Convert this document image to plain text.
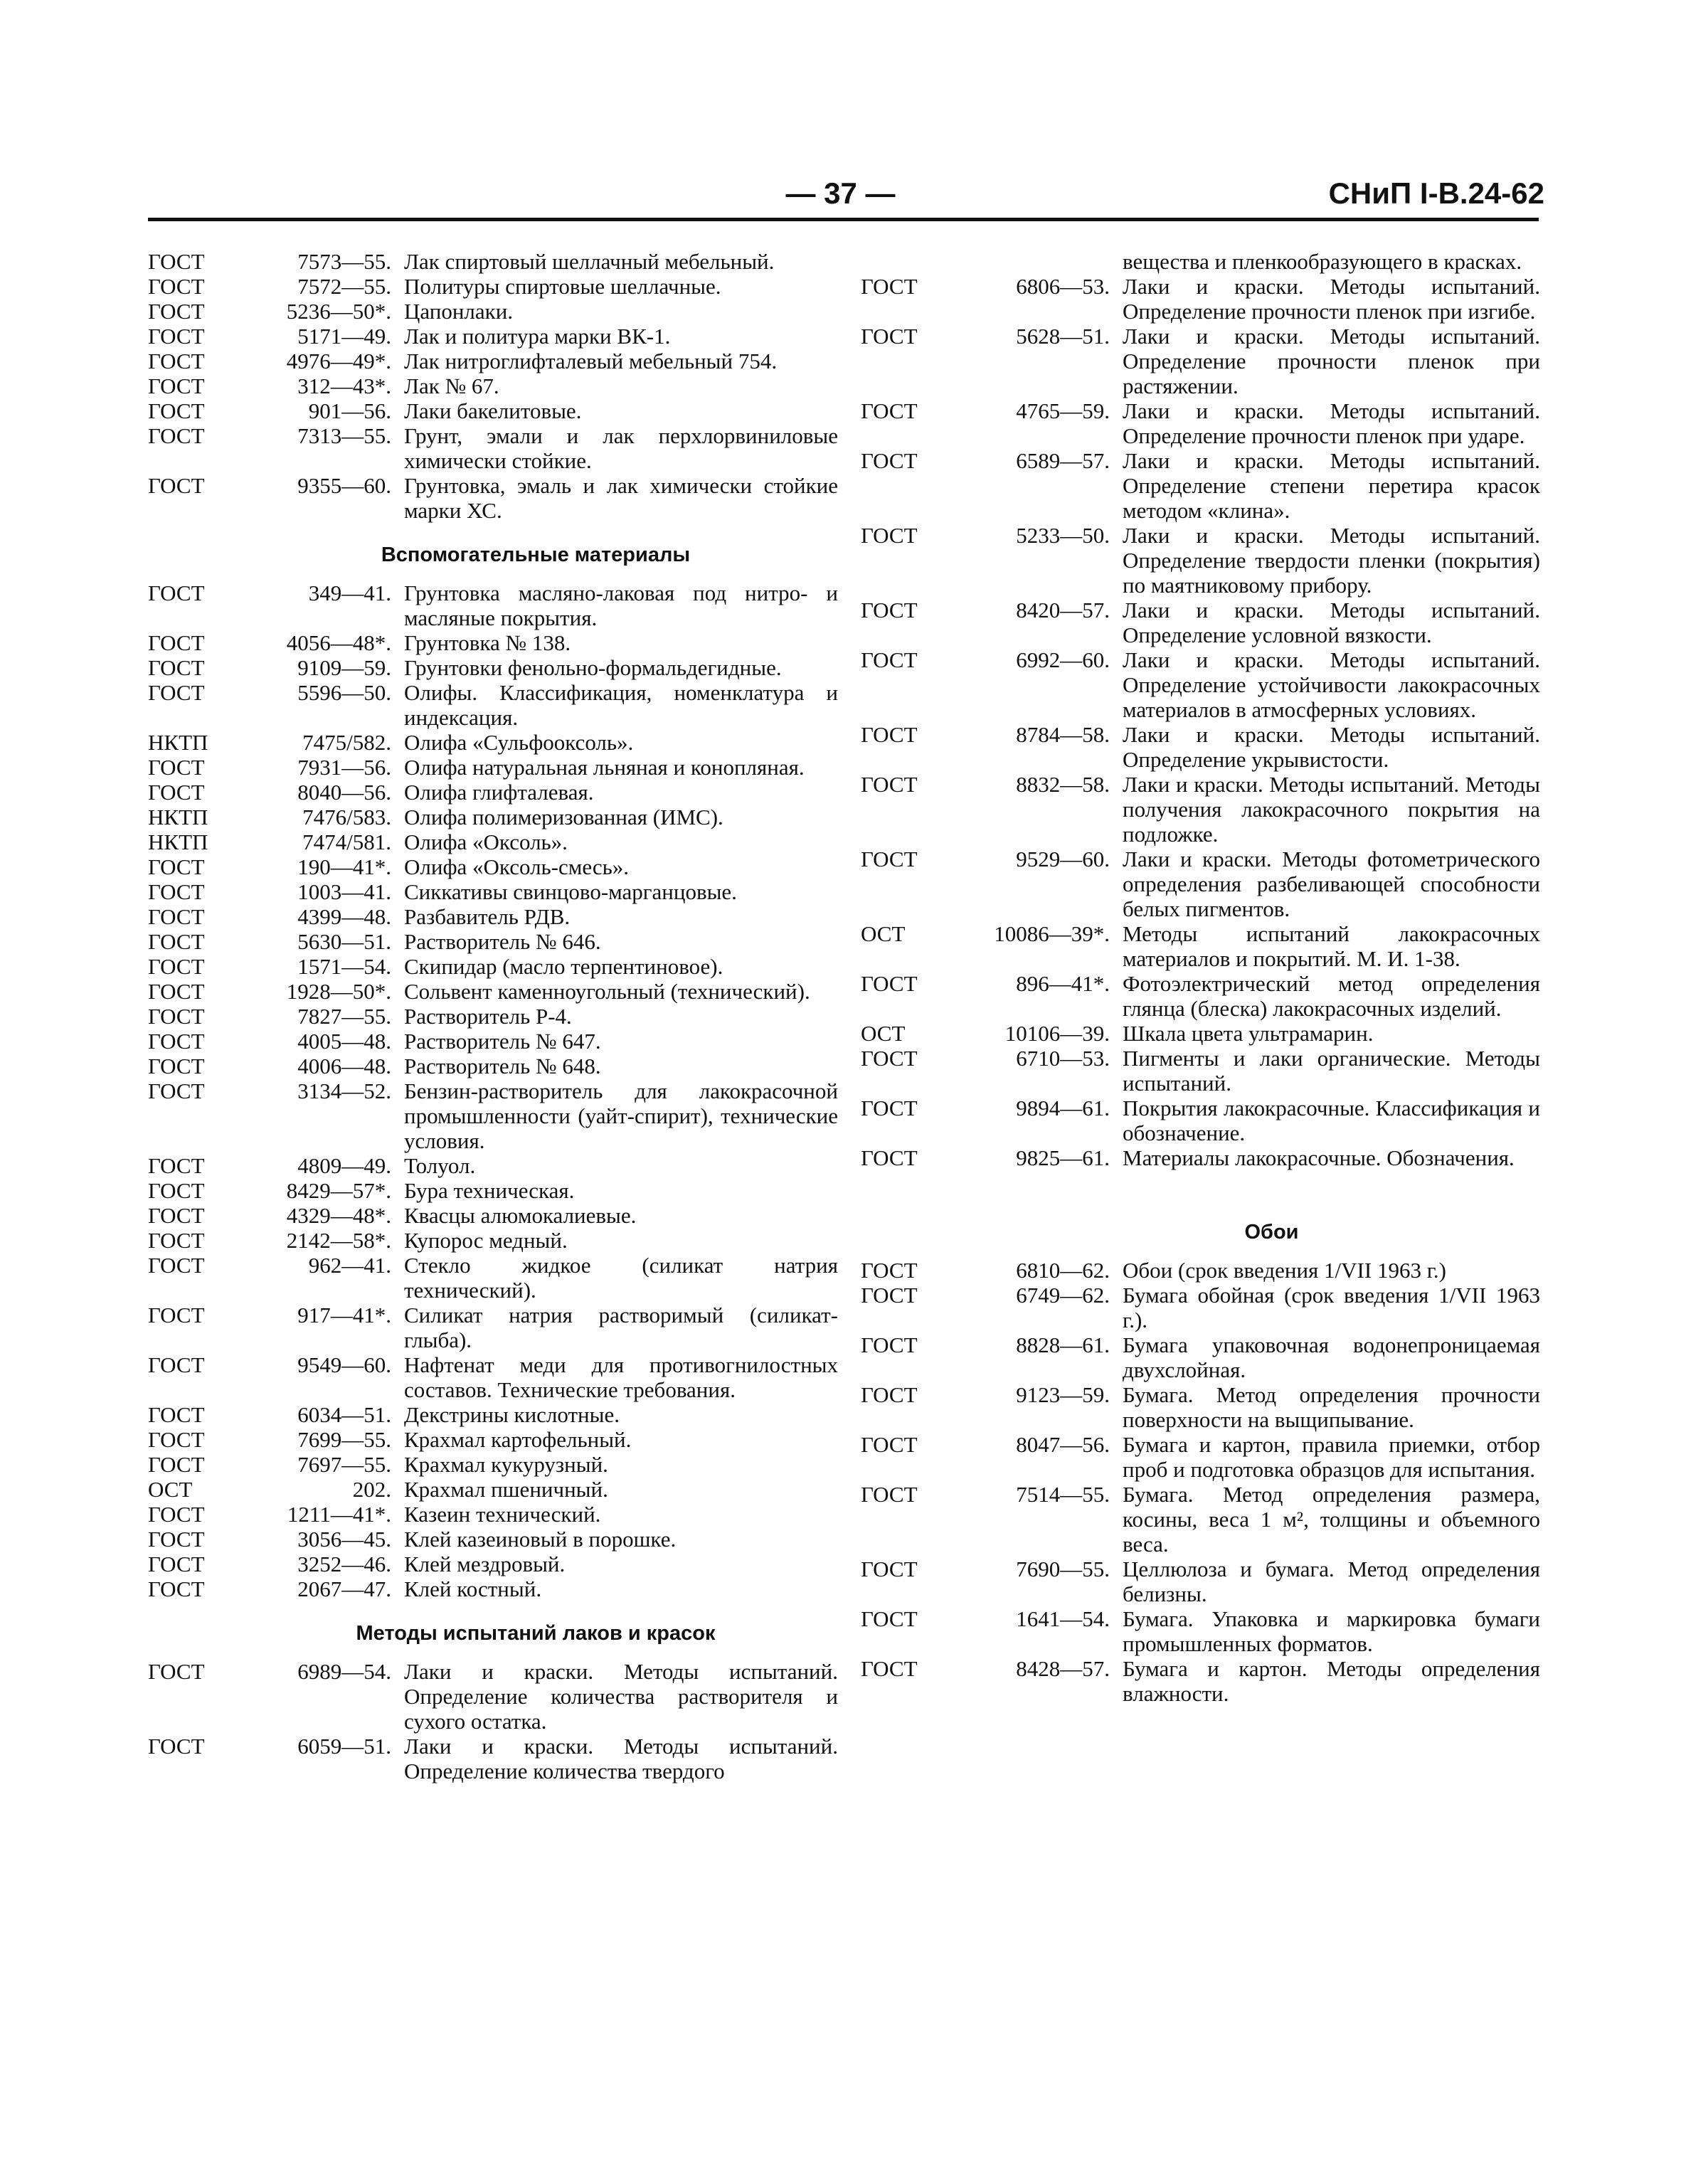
— 37 —	СНиП І-В.24-62
ГОСТ	7573—55. Лак спиртовый шеллачный мебельный.
ГОСТ	7572—55. Политуры спиртовые шеллачные.
ГОСТ	5236—50*. Цапонлаки.
ГОСТ	5171—49. Лак и политура марки ВК-1.
ГОСТ	4976—49*. Лак нитроглифталевый мебельный 754.
ГОСТ	312—43*. Лак № 67.
ГОСТ	901—56. Лаки бакелитовые.
ГОСТ	7313—55. Грунт, эмали и лак перхлорвиниловые химически стойкие.
ГОСТ	9355—60. Грунтовка, эмаль и лак химически стойкие марки ХС.
Вспомогательные материалы
ГОСТ	349—41. Грунтовка масляно-лаковая под нитро- и масляные покрытия.
ГОСТ	4056—48*. Грунтовка № 138.
ГОСТ	9109—59. Грунтовки фенольно-формальдегидные.
ГОСТ	5596—50. Олифы. Классификация, номенклатура и индексация.
НКТП	7475/582. Олифа «Сульфооксоль».
ГОСТ	7931—56. Олифа натуральная льняная и конопляная.
ГОСТ	8040—56. Олифа глифталевая.
НКТП	7476/583. Олифа полимеризованная (ИМС).
НКТП	7474/581. Олифа «Оксоль».
ГОСТ	190—41*. Олифа «Оксоль-смесь».
ГОСТ	1003—41. Сиккативы свинцово-марганцовые.
ГОСТ	4399—48. Разбавитель РДВ.
ГОСТ	5630—51. Растворитель № 646.
ГОСТ	1571—54. Скипидар (масло терпентиновое).
ГОСТ	1928—50*. Сольвент каменноугольный (технический).
ГОСТ	7827—55. Растворитель Р-4.
ГОСТ	4005—48. Растворитель № 647.
ГОСТ	4006—48. Растворитель № 648.
ГОСТ	3134—52. Бензин-растворитель для лакокрасочной промышленности (уайт-спирит), технические условия.
ГОСТ	4809—49. Толуол.
ГОСТ	8429—57*. Бура техническая.
ГОСТ	4329—48*. Квасцы алюмокалиевые.
ГОСТ	2142—58*. Купорос медный.
ГОСТ	962—41. Стекло жидкое (силикат натрия технический).
ГОСТ	917—41*. Силикат натрия растворимый (силикат-глыба).
ГОСТ	9549—60. Нафтенат меди для противогнилостных составов. Технические требования.
ГОСТ	6034—51. Декстрины кислотные.
ГОСТ	7699—55. Крахмал картофельный.
ГОСТ	7697—55. Крахмал кукурузный.
ОСТ	202. Крахмал пшеничный.
ГОСТ	1211—41*. Казеин технический.
ГОСТ	3056—45. Клей казеиновый в порошке.
ГОСТ	3252—46. Клей мездровый.
ГОСТ	2067—47. Клей костный.
Методы испытаний лаков и красок
ГОСТ	6989—54. Лаки и краски. Методы испытаний. Определение количества растворителя и сухого остатка.
ГОСТ	6059—51. Лаки и краски. Методы испытаний. Определение количества твердого
вещества и пленкообразующего в красках.
ГОСТ	6806—53. Лаки и краски. Методы испытаний. Определение прочности пленок при изгибе.
ГОСТ	5628—51. Лаки и краски. Методы испытаний. Определение прочности пленок при растяжении.
ГОСТ	4765—59. Лаки и краски. Методы испытаний. Определение прочности пленок при ударе.
ГОСТ	6589—57. Лаки и краски. Методы испытаний. Определение степени перетира красок методом «клина».
ГОСТ	5233—50. Лаки и краски. Методы испытаний. Определение твердости пленки (покрытия) по маятниковому прибору.
ГОСТ	8420—57. Лаки и краски. Методы испытаний. Определение условной вязкости.
ГОСТ	6992—60. Лаки и краски. Методы испытаний. Определение устойчивости лакокрасочных материалов в атмосферных условиях.
ГОСТ	8784—58. Лаки и краски. Методы испытаний. Определение укрывистости.
ГОСТ	8832—58. Лаки и краски. Методы испытаний. Методы получения лакокрасочного покрытия на подложке.
ГОСТ	9529—60. Лаки и краски. Методы фотометрического определения разбеливающей способности белых пигментов.
ОСТ	10086—39*. Методы испытаний лакокрасочных материалов и покрытий. М. И. 1-38.
ГОСТ	896—41*. Фотоэлектрический метод определения глянца (блеска) лакокрасочных изделий.
ОСТ	10106—39. Шкала цвета ультрамарин.
ГОСТ	6710—53. Пигменты и лаки органические. Методы испытаний.
ГОСТ	9894—61. Покрытия лакокрасочные. Классификация и обозначение.
ГОСТ	9825—61. Материалы лакокрасочные. Обозначения.
Обои
ГОСТ	6810—62. Обои (срок введения 1/VII 1963 г.)
ГОСТ	6749—62. Бумага обойная (срок введения 1/VII 1963 г.).
ГОСТ	8828—61. Бумага упаковочная водонепроницаемая двухслойная.
ГОСТ	9123—59. Бумага. Метод определения прочности поверхности на выщипывание.
ГОСТ	8047—56. Бумага и картон, правила приемки, отбор проб и подготовка образцов для испытания.
ГОСТ	7514—55. Бумага. Метод определения размера, косины, веса 1 м², толщины и объемного веса.
ГОСТ	7690—55. Целлюлоза и бумага. Метод определения белизны.
ГОСТ	1641—54. Бумага. Упаковка и маркировка бумаги промышленных форматов.
ГОСТ	8428—57. Бумага и картон. Методы определения влажности.
